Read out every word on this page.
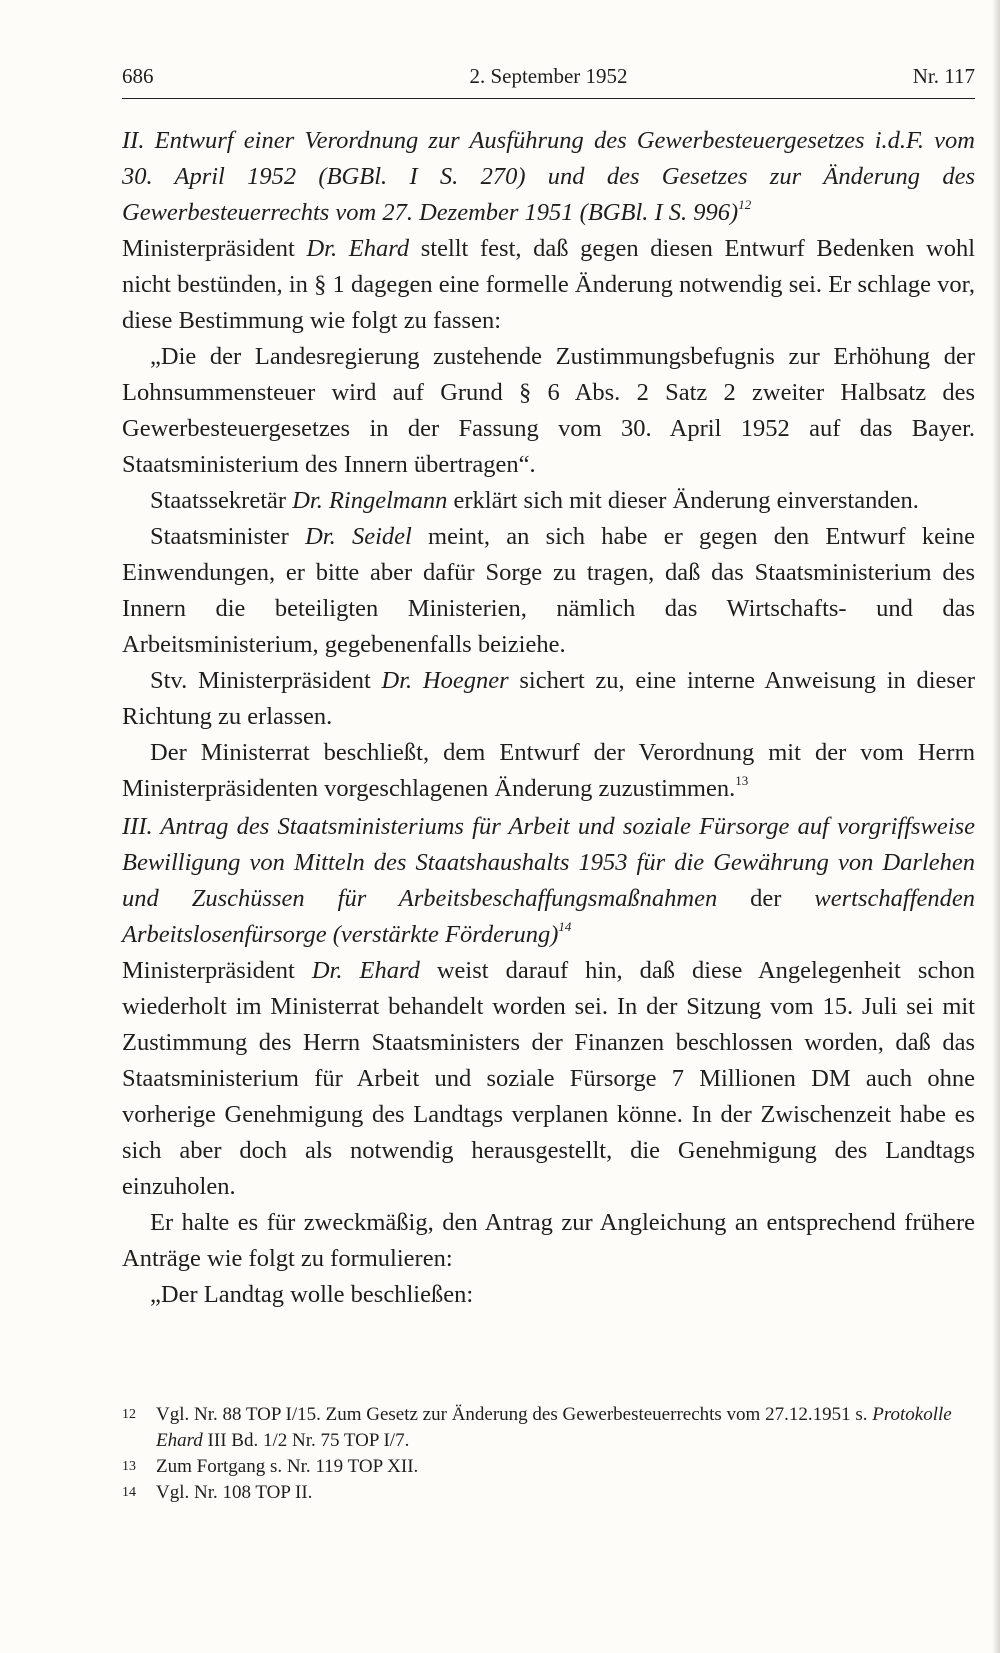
686	2. September 1952	Nr. 117

II. Entwurf einer Verordnung zur Ausführung des Gewerbesteuergesetzes i.d.F. vom 30. April 1952 (BGBl. I S. 270) und des Gesetzes zur Änderung des Gewerbesteuerrechts vom 27. Dezember 1951 (BGBl. I S. 996)$^{12}$

Ministerpräsident Dr. Ehard stellt fest, daß gegen diesen Entwurf Bedenken wohl nicht bestünden, in § 1 dagegen eine formelle Änderung notwendig sei. Er schlage vor, diese Bestimmung wie folgt zu fassen:

„Die der Landesregierung zustehende Zustimmungsbefugnis zur Erhöhung der Lohnsummensteuer wird auf Grund § 6 Abs. 2 Satz 2 zweiter Halbsatz des Gewerbesteuergesetzes in der Fassung vom 30. April 1952 auf das Bayer. Staatsministerium des Innern übertragen“.

Staatssekretär Dr. Ringelmann erklärt sich mit dieser Änderung einverstanden.

Staatsminister Dr. Seidel meint, an sich habe er gegen den Entwurf keine Einwendungen, er bitte aber dafür Sorge zu tragen, daß das Staatsministerium des Innern die beteiligten Ministerien, nämlich das Wirtschafts- und das Arbeitsministerium, gegebenenfalls beiziehe.

Stv. Ministerpräsident Dr. Hoegner sichert zu, eine interne Anweisung in dieser Richtung zu erlassen.

Der Ministerrat beschließt, dem Entwurf der Verordnung mit der vom Herrn Ministerpräsidenten vorgeschlagenen Änderung zuzustimmen.$^{13}$

III. Antrag des Staatsministeriums für Arbeit und soziale Fürsorge auf vorgriffsweise Bewilligung von Mitteln des Staatshaushalts 1953 für die Gewährung von Darlehen und Zuschüssen für Arbeitsbeschaffungsmaßnahmen der wertschaffenden Arbeitslosenfürsorge (verstärkte Förderung)$^{14}$

Ministerpräsident Dr. Ehard weist darauf hin, daß diese Angelegenheit schon wiederholt im Ministerrat behandelt worden sei. In der Sitzung vom 15. Juli sei mit Zustimmung des Herrn Staatsministers der Finanzen beschlossen worden, daß das Staatsministerium für Arbeit und soziale Fürsorge 7 Millionen DM auch ohne vorherige Genehmigung des Landtags verplanen könne. In der Zwischenzeit habe es sich aber doch als notwendig herausgestellt, die Genehmigung des Landtags einzuholen.

Er halte es für zweckmäßig, den Antrag zur Angleichung an entsprechend frühere Anträge wie folgt zu formulieren:

„Der Landtag wolle beschließen:

12 Vgl. Nr. 88 TOP I/15. Zum Gesetz zur Änderung des Gewerbesteuerrechts vom 27.12.1951 s. Protokolle Ehard III Bd. 1/2 Nr. 75 TOP I/7.
13 Zum Fortgang s. Nr. 119 TOP XII.
14 Vgl. Nr. 108 TOP II.
